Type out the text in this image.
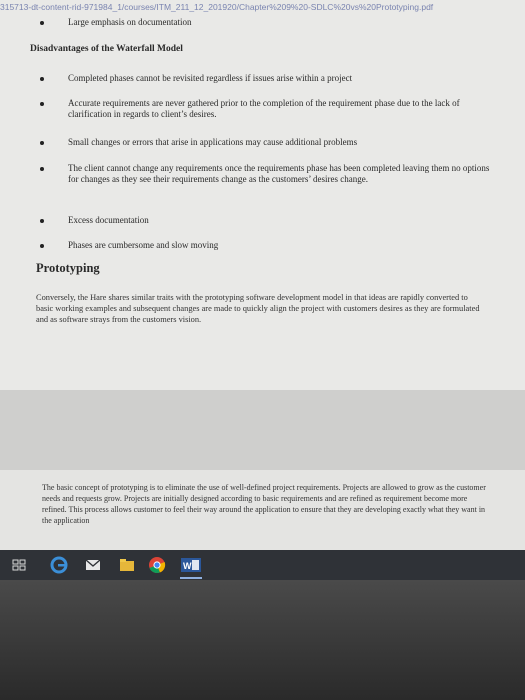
315713-dt-content-rid-971984_1/courses/ITM_211_12_201920/Chapter%209%20-SDLC%20vs%20Prototyping.pdf
Large emphasis on documentation
Disadvantages of the Waterfall Model
Completed phases cannot be revisited regardless if issues arise within a project
Accurate requirements are never gathered prior to the completion of the requirement phase due to the lack of clarification in regards to client’s desires.
Small changes or errors that arise in applications may cause additional problems
The client cannot change any requirements once the requirements phase has been completed leaving them no options for changes as they see their requirements change as the customers’ desires change.
Excess documentation
Phases are cumbersome and slow moving
Prototyping
Conversely, the Hare shares similar traits with the prototyping software development model in that ideas are rapidly converted to basic working examples and subsequent changes are made to quickly align the project with customers desires as they are formulated and as software strays from the customers vision.
The basic concept of prototyping is to eliminate the use of well-defined project requirements. Projects are allowed to grow as the customer needs and requests grow. Projects are initially designed according to basic requirements and are refined as requirement become more refined. This process allows customer to feel their way around the application to ensure that they are developing exactly what they want in the application
W
